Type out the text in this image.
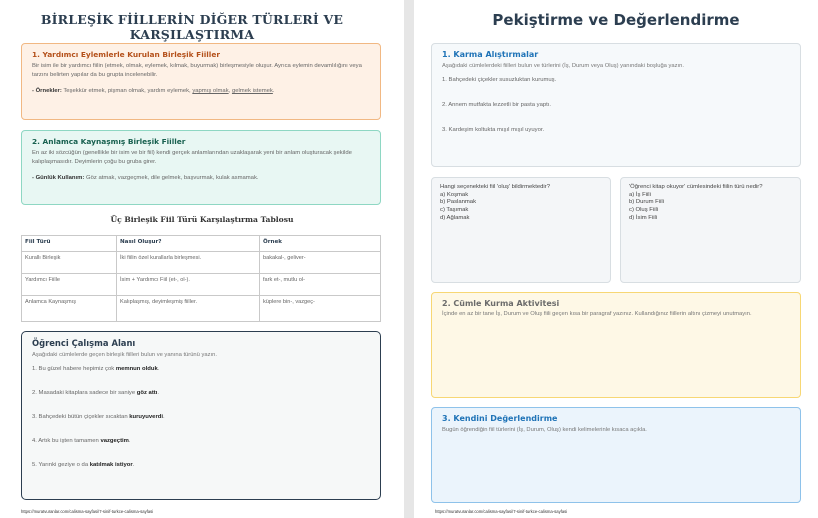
BİRLEŞİK FİİLLERİN DİĞER TÜRLERİ VE KARŞILAŞTIRMA
1. Yardımcı Eylemlerle Kurulan Birleşik Fiiller

Bir isim ile bir yardımcı fiilin (etmek, olmak, eylemek, kılmak, buyurmak) birleşmesiyle oluşur. Ayrıca eylemin devamlılığını veya tarzını belirten yapılar da bu grupta incelenebilir.

- Örnekler: Teşekkür etmek, pişman olmak, yardım eylemek, yapmış olmak, gelmek istemek.

2. Anlamca Kaynaşmış Birleşik Fiiller

En az iki sözcüğün (genellikle bir isim ve bir fiil) kendi gerçek anlamlarından uzaklaşarak yeni bir anlam oluşturacak şekilde kalıplaşmasıdır. Deyimlerin çoğu bu gruba girer.

- Günlük Kullanım: Göz atmak, vazgeçmek, dile gelmek, başvurmak, kulak asmamak.

Üç Birleşik Fiil Türü Karşılaştırma Tablosu
Fiil Türü	Nasıl Oluşur?	Örnek
Kurallı Birleşik	İki fiilin özel kurallarla birleşmesi.	bakakal-, geliver-
Yardımcı Fiille	İsim + Yardımcı Fiil (et-, ol-).	fark et-, mutlu ol-
Anlamca Kaynaşmış	Kalıplaşmış, deyimleşmiş fiiller.	küplere bin-, vazgeç-
Öğrenci Çalışma Alanı

Aşağıdaki cümlelerde geçen birleşik fiilleri bulun ve yanına türünü yazın.

1. Bu güzel habere hepimiz çok memnun olduk.
2. Masadaki kitaplara sadece bir saniye göz attı.
3. Bahçedeki bütün çiçekler sıcaktan kuruyuverdi.
4. Artık bu işten tamamen vazgeçtim.
5. Yarınki geziye o da katılmak istiyor.
https://muratvuranlar.com/calisma-sayfasi/7-sinif-turkce-calisma-sayfasi
Pekiştirme ve Değerlendirme
1. Karma Alıştırmalar

Aşağıdaki cümlelerdeki fiilleri bulun ve türlerini (İş, Durum veya Oluş) yanındaki boşluğa yazın.

1. Bahçedeki çiçekler susuzluktan kurumuş.
2. Annem mutfakta lezzetli bir pasta yaptı.
3. Kardeşim koltukta mışıl mışıl uyuyor.

Hangi seçenekteki fiil 'oluş' bildirmektedir?

a) Koşmak

b) Paslanmak

c) Taşımak

d) Ağlamak

'Öğrenci kitap okuyor' cümlesindeki fiilin türü nedir?

a) İş Fiili

b) Durum Fiili

c) Oluş Fiili

d) İsim Fiili

2. Cümle Kurma Aktivitesi

İçinde en az bir tane İş, Durum ve Oluş fiili geçen kısa bir paragraf yazınız. Kullandığınız fiillerin altını çizmeyi unutmayın.

3. Kendini Değerlendirme

Bugün öğrendiğin fiil türlerini (İş, Durum, Oluş) kendi kelimelerinle kısaca açıkla.

https://muratvuranlar.com/calisma-sayfasi/7-sinif-turkce-calisma-sayfasi
